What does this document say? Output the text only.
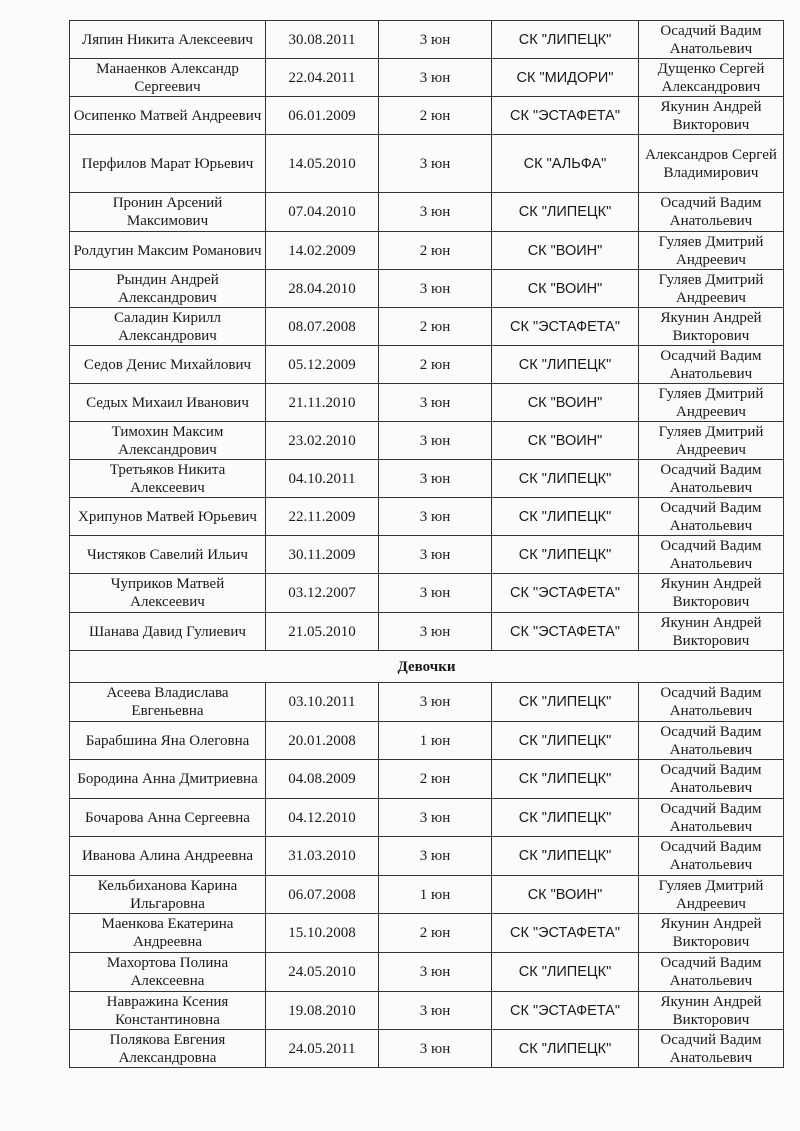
Ляпин Никита Алексеевич	30.08.2011	3 юн	СК "ЛИПЕЦК"	Осадчий Вадим Анатольевич
Манаенков Александр Сергеевич	22.04.2011	3 юн	СК "МИДОРИ"	Дущенко Сергей Александрович
Осипенко Матвей Андреевич	06.01.2009	2 юн	СК "ЭСТАФЕТА"	Якунин Андрей Викторович
Перфилов Марат Юрьевич	14.05.2010	3 юн	СК "АЛЬФА"	Александров Сергей Владимирович
Пронин Арсений Максимович	07.04.2010	3 юн	СК "ЛИПЕЦК"	Осадчий Вадим Анатольевич
Ролдугин Максим Романович	14.02.2009	2 юн	СК "ВОИН"	Гуляев Дмитрий Андреевич
Рындин Андрей Александрович	28.04.2010	3 юн	СК "ВОИН"	Гуляев Дмитрий Андреевич
Саладин Кирилл Александрович	08.07.2008	2 юн	СК "ЭСТАФЕТА"	Якунин Андрей Викторович
Седов Денис Михайлович	05.12.2009	2 юн	СК "ЛИПЕЦК"	Осадчий Вадим Анатольевич
Седых Михаил Иванович	21.11.2010	3 юн	СК "ВОИН"	Гуляев Дмитрий Андреевич
Тимохин Максим Александрович	23.02.2010	3 юн	СК "ВОИН"	Гуляев Дмитрий Андреевич
Третьяков Никита Алексеевич	04.10.2011	3 юн	СК "ЛИПЕЦК"	Осадчий Вадим Анатольевич
Хрипунов Матвей Юрьевич	22.11.2009	3 юн	СК "ЛИПЕЦК"	Осадчий Вадим Анатольевич
Чистяков Савелий Ильич	30.11.2009	3 юн	СК "ЛИПЕЦК"	Осадчий Вадим Анатольевич
Чуприков Матвей Алексеевич	03.12.2007	3 юн	СК "ЭСТАФЕТА"	Якунин Андрей Викторович
Шанава Давид Гулиевич	21.05.2010	3 юн	СК "ЭСТАФЕТА"	Якунин Андрей Викторович
Девочки				
Асеева Владислава Евгеньевна	03.10.2011	3 юн	СК "ЛИПЕЦК"	Осадчий Вадим Анатольевич
Барабшина Яна Олеговна	20.01.2008	1 юн	СК "ЛИПЕЦК"	Осадчий Вадим Анатольевич
Бородина Анна Дмитриевна	04.08.2009	2 юн	СК "ЛИПЕЦК"	Осадчий Вадим Анатольевич
Бочарова Анна Сергеевна	04.12.2010	3 юн	СК "ЛИПЕЦК"	Осадчий Вадим Анатольевич
Иванова Алина Андреевна	31.03.2010	3 юн	СК "ЛИПЕЦК"	Осадчий Вадим Анатольевич
Кельбиханова Карина Ильгаровна	06.07.2008	1 юн	СК "ВОИН"	Гуляев Дмитрий Андреевич
Маенкова Екатерина Андреевна	15.10.2008	2 юн	СК "ЭСТАФЕТА"	Якунин Андрей Викторович
Махортова Полина Алексеевна	24.05.2010	3 юн	СК "ЛИПЕЦК"	Осадчий Вадим Анатольевич
Навражина Ксения Константиновна	19.08.2010	3 юн	СК "ЭСТАФЕТА"	Якунин Андрей Викторович
Полякова Евгения Александровна	24.05.2011	3 юн	СК "ЛИПЕЦК"	Осадчий Вадим Анатольевич
